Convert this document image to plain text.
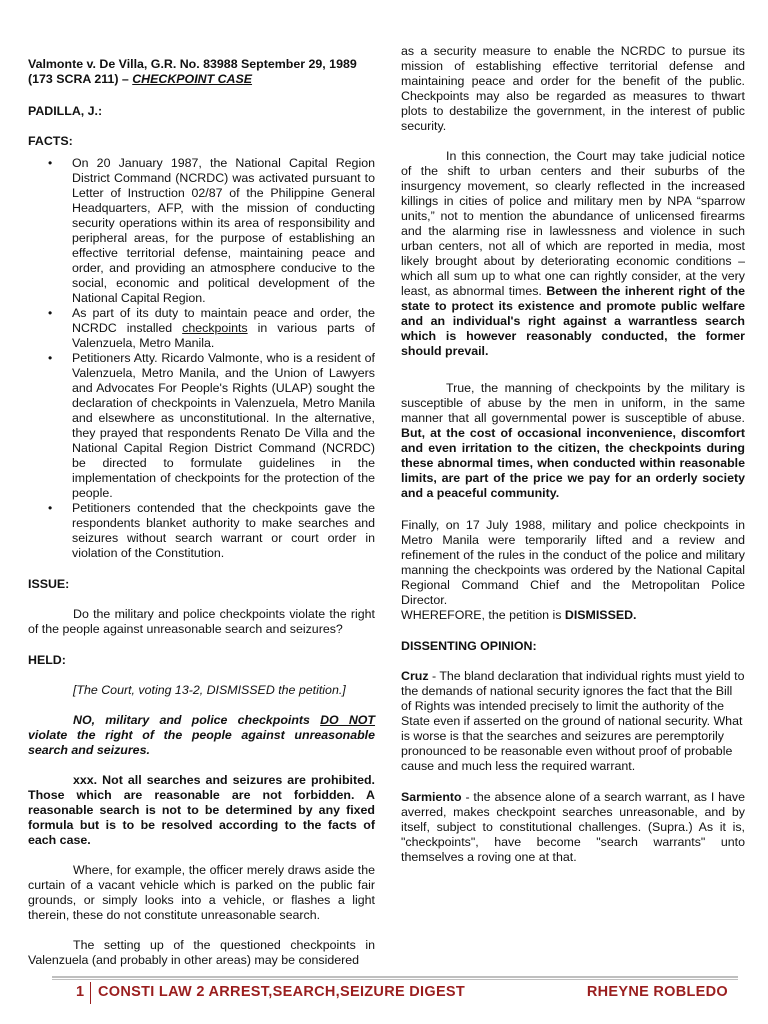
Valmonte v. De Villa, G.R. No. 83988 September 29, 1989
(173 SCRA 211) – CHECKPOINT CASE

PADILLA, J.:

FACTS:

• On 20 January 1987, the National Capital Region District Command (NCRDC) was activated pursuant to Letter of Instruction 02/87 of the Philippine General Headquarters, AFP, with the mission of conducting security operations within its area of responsibility and peripheral areas, for the purpose of establishing an effective territorial defense, maintaining peace and order, and providing an atmosphere conducive to the social, economic and political development of the National Capital Region.
• As part of its duty to maintain peace and order, the NCRDC installed checkpoints in various parts of Valenzuela, Metro Manila.
• Petitioners Atty. Ricardo Valmonte, who is a resident of Valenzuela, Metro Manila, and the Union of Lawyers and Advocates For People's Rights (ULAP) sought the declaration of checkpoints in Valenzuela, Metro Manila and elsewhere as unconstitutional. In the alternative, they prayed that respondents Renato De Villa and the National Capital Region District Command (NCRDC) be directed to formulate guidelines in the implementation of checkpoints for the protection of the people.
• Petitioners contended that the checkpoints gave the respondents blanket authority to make searches and seizures without search warrant or court order in violation of the Constitution.

ISSUE:

Do the military and police checkpoints violate the right of the people against unreasonable search and seizures?

HELD:

[The Court, voting 13-2, DISMISSED the petition.]

NO, military and police checkpoints DO NOT violate the right of the people against unreasonable search and seizures.

xxx. Not all searches and seizures are prohibited. Those which are reasonable are not forbidden. A reasonable search is not to be determined by any fixed formula but is to be resolved according to the facts of each case.

Where, for example, the officer merely draws aside the curtain of a vacant vehicle which is parked on the public fair grounds, or simply looks into a vehicle, or flashes a light therein, these do not constitute unreasonable search.

The setting up of the questioned checkpoints in Valenzuela (and probably in other areas) may be considered

as a security measure to enable the NCRDC to pursue its mission of establishing effective territorial defense and maintaining peace and order for the benefit of the public. Checkpoints may also be regarded as measures to thwart plots to destabilize the government, in the interest of public security.

In this connection, the Court may take judicial notice of the shift to urban centers and their suburbs of the insurgency movement, so clearly reflected in the increased killings in cities of police and military men by NPA “sparrow units,” not to mention the abundance of unlicensed firearms and the alarming rise in lawlessness and violence in such urban centers, not all of which are reported in media, most likely brought about by deteriorating economic conditions – which all sum up to what one can rightly consider, at the very least, as abnormal times. Between the inherent right of the state to protect its existence and promote public welfare and an individual's right against a warrantless search which is however reasonably conducted, the former should prevail.

True, the manning of checkpoints by the military is susceptible of abuse by the men in uniform, in the same manner that all governmental power is susceptible of abuse. But, at the cost of occasional inconvenience, discomfort and even irritation to the citizen, the checkpoints during these abnormal times, when conducted within reasonable limits, are part of the price we pay for an orderly society and a peaceful community.

Finally, on 17 July 1988, military and police checkpoints in Metro Manila were temporarily lifted and a review and refinement of the rules in the conduct of the police and military manning the checkpoints was ordered by the National Capital Regional Command Chief and the Metropolitan Police Director.

WHEREFORE, the petition is DISMISSED.

DISSENTING OPINION:

Cruz - The bland declaration that individual rights must yield to the demands of national security ignores the fact that the Bill of Rights was intended precisely to limit the authority of the State even if asserted on the ground of national security. What is worse is that the searches and seizures are peremptorily pronounced to be reasonable even without proof of probable cause and much less the required warrant.

Sarmiento - the absence alone of a search warrant, as I have averred, makes checkpoint searches unreasonable, and by itself, subject to constitutional challenges. (Supra.) As it is, "checkpoints", have become "search warrants" unto themselves a roving one at that.

1 CONSTI LAW 2 ARREST,SEARCH,SEIZURE DIGEST	RHEYNE ROBLEDO
